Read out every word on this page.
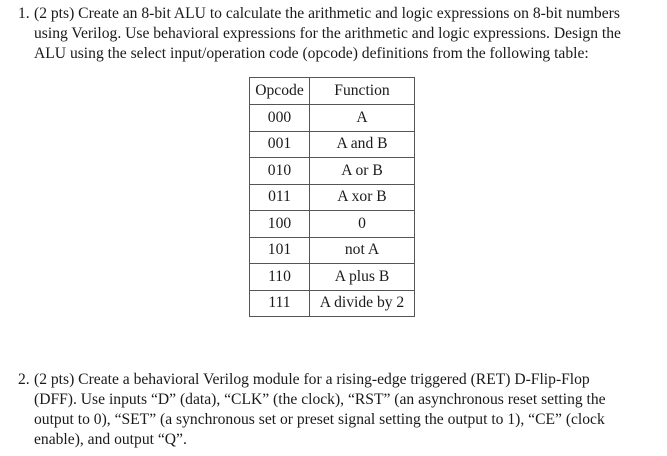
1. (2 pts) Create an 8-bit ALU to calculate the arithmetic and logic expressions on 8-bit numbers
using Verilog. Use behavioral expressions for the arithmetic and logic expressions. Design the
ALU using the select input/operation code (opcode) definitions from the following table:
Opcode	Function
000	A
001	A and B
010	A or B
011	A xor B
100	0
101	not A
110	A plus B
111	A divide by 2
2. (2 pts) Create a behavioral Verilog module for a rising-edge triggered (RET) D-Flip-Flop
(DFF). Use inputs “D” (data), “CLK” (the clock), “RST” (an asynchronous reset setting the
output to 0), “SET” (a synchronous set or preset signal setting the output to 1), “CE” (clock
enable), and output “Q”.
